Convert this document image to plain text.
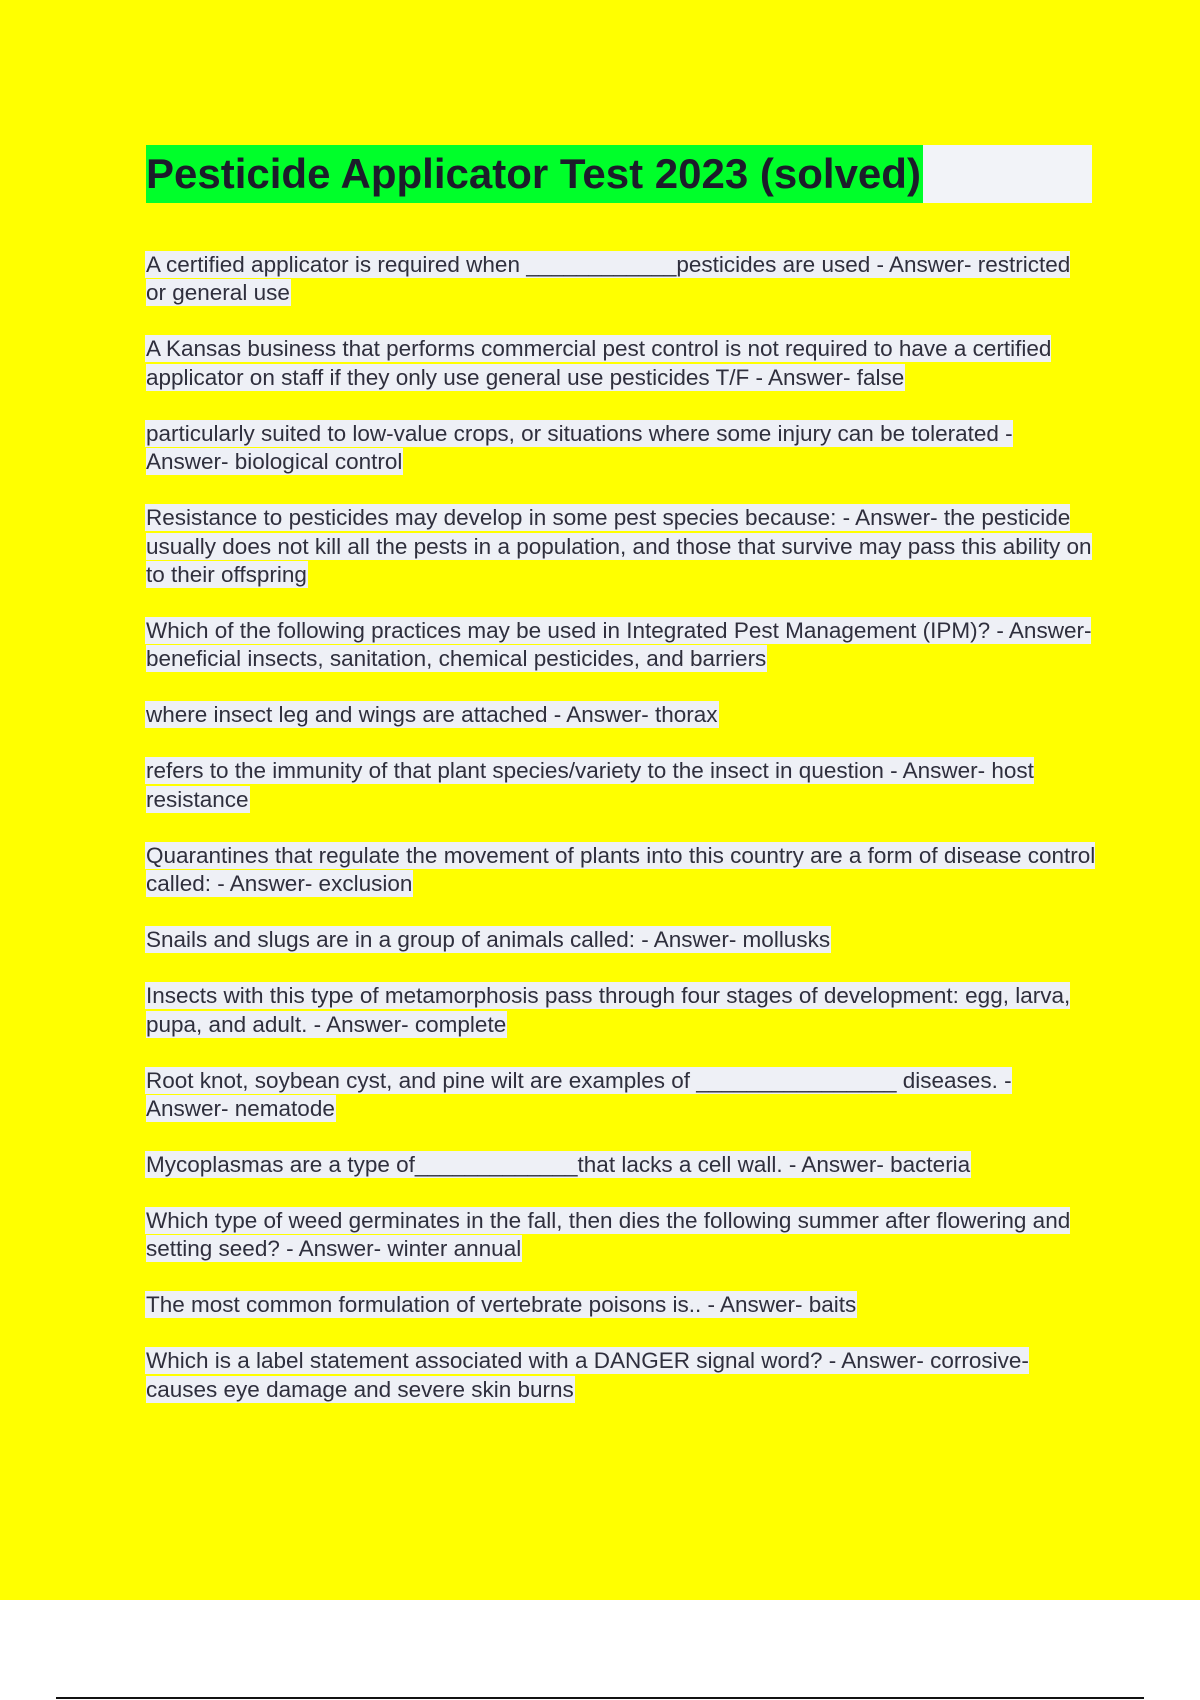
Pesticide Applicator Test 2023 (solved)
A certified applicator is required when ____________pesticides are used - Answer- restricted or general use
A Kansas business that performs commercial pest control is not required to have a certified applicator on staff if they only use general use pesticides T/F - Answer- false
particularly suited to low-value crops, or situations where some injury can be tolerated - Answer- biological control
Resistance to pesticides may develop in some pest species because: - Answer- the pesticide usually does not kill all the pests in a population, and those that survive may pass this ability on to their offspring
Which of the following practices may be used in Integrated Pest Management (IPM)? - Answer- beneficial insects, sanitation, chemical pesticides, and barriers
where insect leg and wings are attached - Answer- thorax
refers to the immunity of that plant species/variety to the insect in question - Answer- host resistance
Quarantines that regulate the movement of plants into this country are a form of disease control called: - Answer- exclusion
Snails and slugs are in a group of animals called: - Answer- mollusks
Insects with this type of metamorphosis pass through four stages of development: egg, larva, pupa, and adult. - Answer- complete
Root knot, soybean cyst, and pine wilt are examples of ________________ diseases. - Answer- nematode
Mycoplasmas are a type of_____________that lacks a cell wall. - Answer- bacteria
Which type of weed germinates in the fall, then dies the following summer after flowering and setting seed? - Answer- winter annual
The most common formulation of vertebrate poisons is.. - Answer- baits
Which is a label statement associated with a DANGER signal word? - Answer- corrosive-causes eye damage and severe skin burns
